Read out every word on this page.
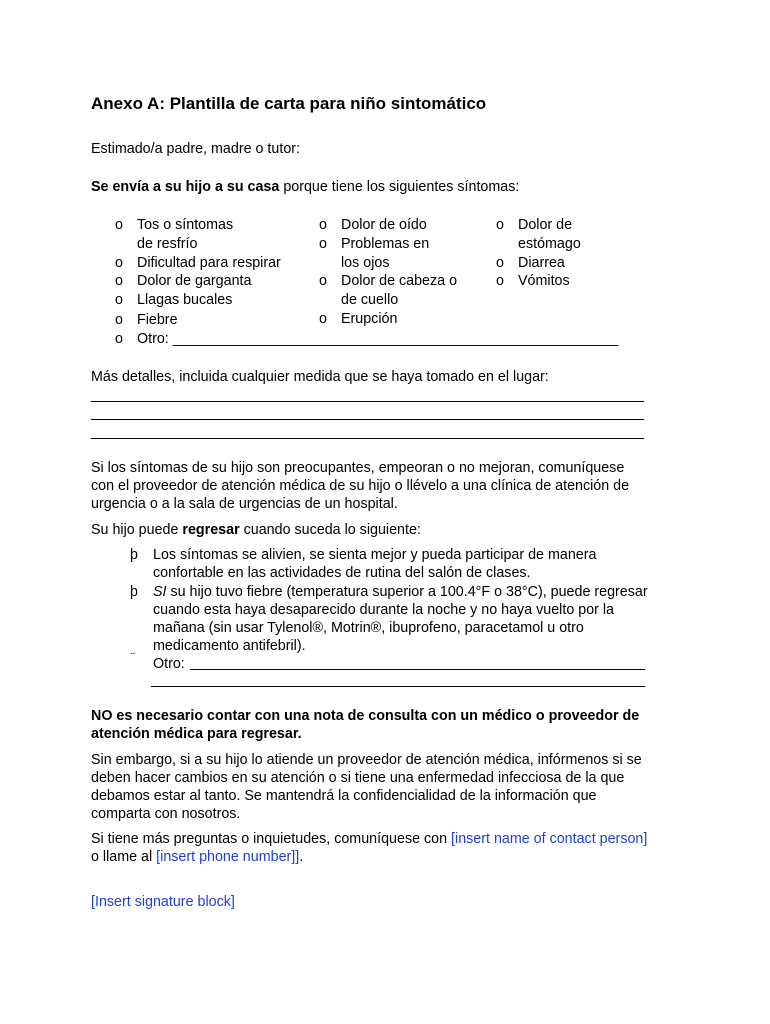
Anexo A: Plantilla de carta para niño sintomático
Estimado/a padre, madre o tutor:
Se envía a su hijo a su casa porque tiene los siguientes síntomas:
o Tos o síntomas
de resfrío
o Dificultad para respirar
o Dolor de garganta
o Llagas bucales
o Fiebre
o Otro: ________________________________________________________
o Dolor de oído
o Problemas en
los ojos
o Dolor de cabeza o
de cuello
o Erupción
o Dolor de
estómago
o Diarrea
o Vómitos
Más detalles, incluida cualquier medida que se haya tomado en el lugar:
Si los síntomas de su hijo son preocupantes, empeoran o no mejoran, comuníquese
con el proveedor de atención médica de su hijo o llévelo a una clínica de atención de
urgencia o a la sala de urgencias de un hospital.
Su hijo puede regresar cuando suceda lo siguiente:
þ Los síntomas se alivien, se sienta mejor y pueda participar de manera
confortable en las actividades de rutina del salón de clases.
þ SI su hijo tuvo fiebre (temperatura superior a 100.4°F o 38°C), puede regresar
cuando esta haya desaparecido durante la noche y no haya vuelto por la
mañana (sin usar Tylenol®, Motrin®, ibuprofeno, paracetamol u otro
medicamento antifebril).
¨ Otro:
NO es necesario contar con una nota de consulta con un médico o proveedor de
atención médica para regresar.
Sin embargo, si a su hijo lo atiende un proveedor de atención médica, infórmenos si se
deben hacer cambios en su atención o si tiene una enfermedad infecciosa de la que
debamos estar al tanto. Se mantendrá la confidencialidad de la información que
comparta con nosotros.
Si tiene más preguntas o inquietudes, comuníquese con [insert name of contact person]
o llame al [insert phone number]].
[Insert signature block]
